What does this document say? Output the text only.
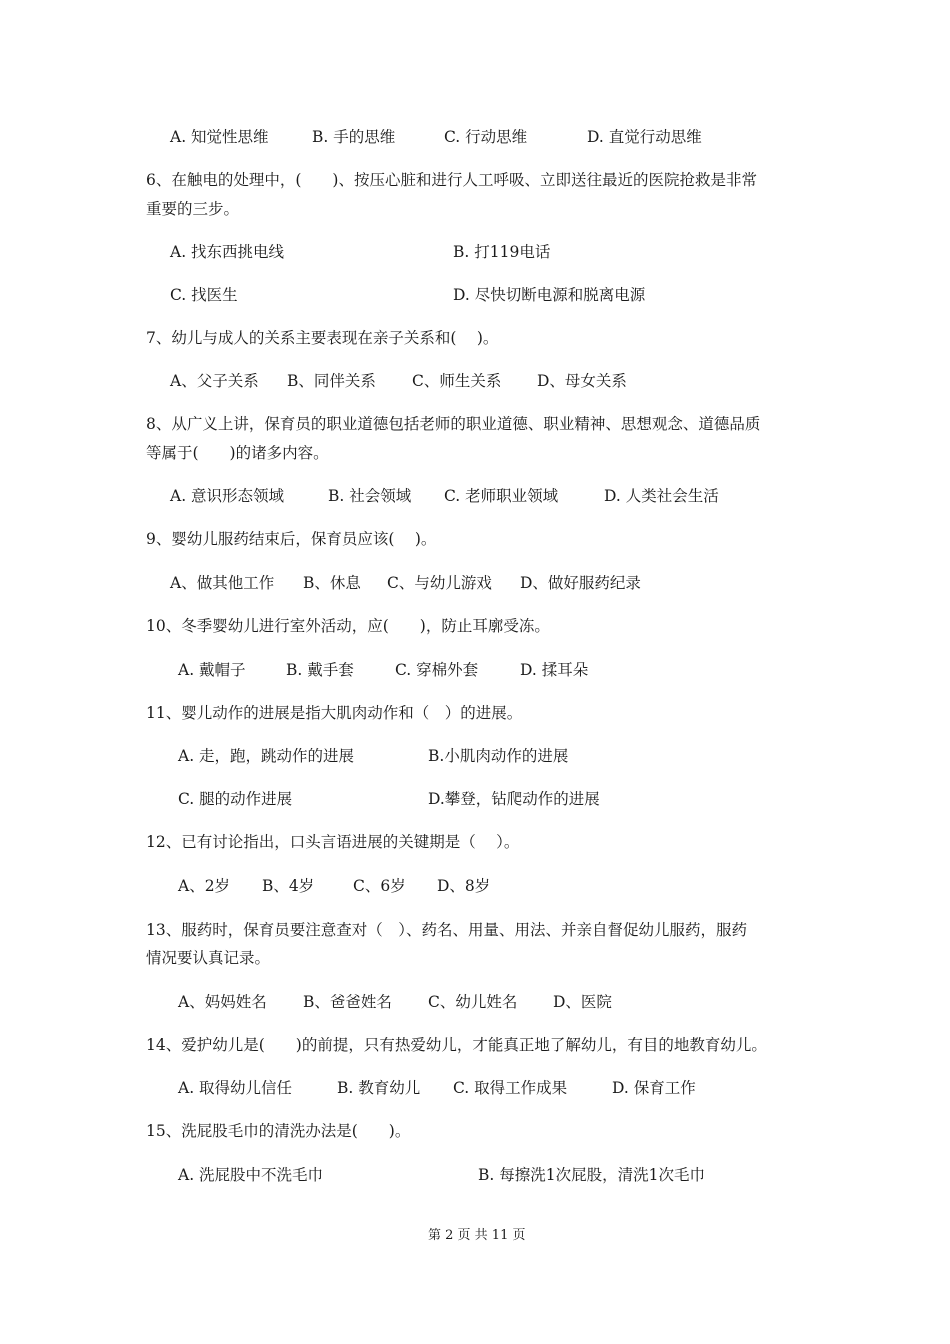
A. 知觉性思维	B. 手的思维	C. 行动思维	D. 直觉行动思维
6、在触电的处理中，(　　)、按压心脏和进行人工呼吸、立即送往最近的医院抢救是非常
重要的三步。
A. 找东西挑电线	B. 打119电话
C. 找医生	D. 尽快切断电源和脱离电源
7、幼儿与成人的关系主要表现在亲子关系和(　 )。
A、父子关系 B、同伴关系 C、师生关系 D、母女关系
8、从广义上讲，保育员的职业道德包括老师的职业道德、职业精神、思想观念、道德品质
等属于(　　)的诸多内容。
A. 意识形态领域	B. 社会领域 C. 老师职业领域	D. 人类社会生活
9、婴幼儿服药结束后，保育员应该(　 )。
A、做其他工作 B、休息 C、与幼儿游戏 D、做好服药纪录
10、冬季婴幼儿进行室外活动，应(　　)，防止耳廓受冻。
A. 戴帽子	B. 戴手套	C. 穿棉外套	D. 揉耳朵
11、婴儿动作的进展是指大肌肉动作和（　）的进展。
A. 走，跑，跳动作的进展	B.小肌肉动作的进展
C. 腿的动作进展	D.攀登，钻爬动作的进展
12、已有讨论指出，口头言语进展的关键期是（　 ）。
A、2岁 B、4岁 C、6岁 D、8岁
13、服药时，保育员要注意查对（　）、药名、用量、用法、并亲自督促幼儿服药，服药
情况要认真记录。
A、妈妈姓名 B、爸爸姓名 C、幼儿姓名 D、医院
14、爱护幼儿是(　　)的前提，只有热爱幼儿，才能真正地了解幼儿，有目的地教育幼儿。
A. 取得幼儿信任	B. 教育幼儿 C. 取得工作成果	D. 保育工作
15、洗屁股毛巾的清洗办法是(　　)。
A. 洗屁股中不洗毛巾	B. 每擦洗1次屁股，清洗1次毛巾
第 2 页 共 11 页
